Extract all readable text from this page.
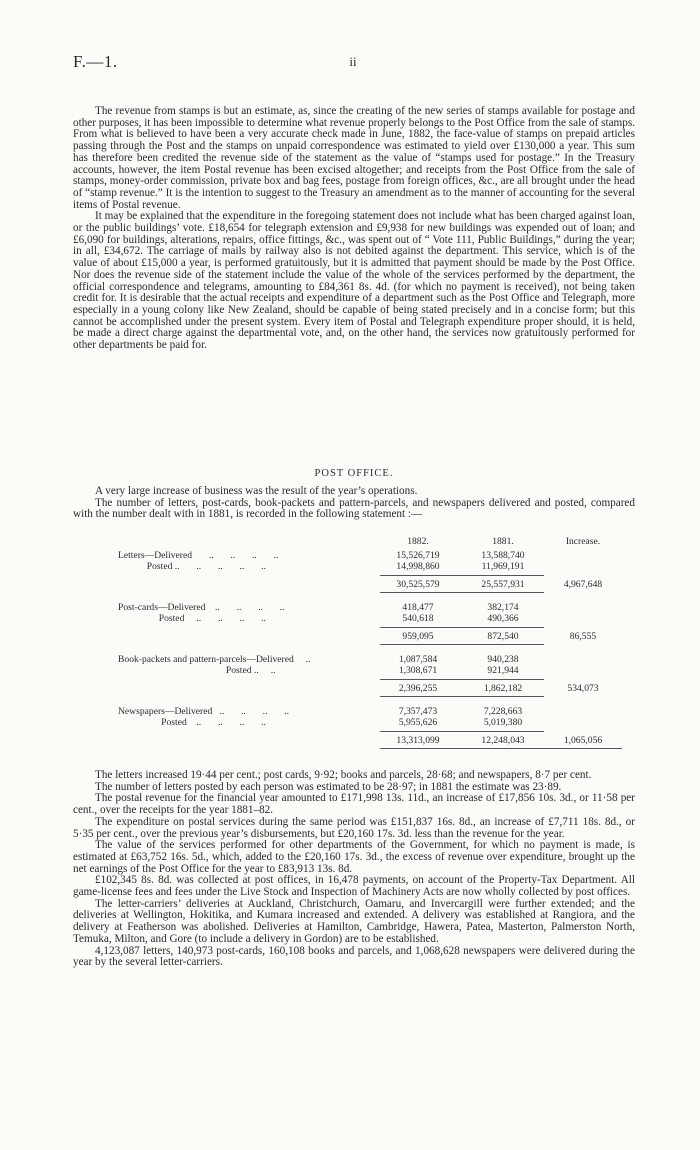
F.—1.	ii

The revenue from stamps is but an estimate, as, since the creating of the new series of stamps available for postage and other purposes, it has been impossible to determine what revenue properly belongs to the Post Office from the sale of stamps. From what is believed to have been a very accurate check made in June, 1882, the face-value of stamps on prepaid articles passing through the Post and the stamps on unpaid correspondence was estimated to yield over £130,000 a year. This sum has therefore been credited the revenue side of the statement as the value of “stamps used for postage.” In the Treasury accounts, however, the item Postal revenue has been excised altogether; and receipts from the Post Office from the sale of stamps, money-order commission, private box and bag fees, postage from foreign offices, &c., are all brought under the head of “stamp revenue.” It is the intention to suggest to the Treasury an amendment as to the manner of accounting for the several items of Postal revenue.

It may be explained that the expenditure in the foregoing statement does not include what has been charged against loan, or the public buildings’ vote. £18,654 for telegraph extension and £9,938 for new buildings was expended out of loan; and £6,090 for buildings, alterations, repairs, office fittings, &c., was spent out of “ Vote 111, Public Buildings,” during the year; in all, £34,672. The carriage of mails by railway also is not debited against the department. This service, which is of the value of about £15,000 a year, is performed gratuitously, but it is admitted that payment should be made by the Post Office. Nor does the revenue side of the statement include the value of the whole of the services performed by the department, the official correspondence and telegrams, amounting to £84,361 8s. 4d. (for which no payment is received), not being taken credit for. It is desirable that the actual receipts and expenditure of a department such as the Post Office and Telegraph, more especially in a young colony like New Zealand, should be capable of being stated precisely and in a concise form; but this cannot be accomplished under the present system. Every item of Postal and Telegraph expenditure proper should, it is held, be made a direct charge against the departmental vote, and, on the other hand, the services now gratuitously performed for other departments be paid for.

POST OFFICE.

A very large increase of business was the result of the year’s operations.

The number of letters, post-cards, book-packets and pattern-parcels, and newspapers delivered and posted, compared with the number dealt with in 1881, is recorded in the following statement :—

1882.	1881.	Increase.
Letters—Delivered       ..       ..       ..       ..	15,526,719	13,588,740
Posted ..       ..       ..       ..       ..	14,998,860	11,969,191
30,525,579	25,557,931	4,967,648
Post-cards—Delivered    ..       ..       ..       ..	418,477	382,174
Posted     ..       ..       ..       ..	540,618	490,366
959,095	872,540	86,555
Book-packets and pattern-parcels—Delivered     ..	1,087,584	940,238
Posted ..     ..	1,308,671	921,944
2,396,255	1,862,182	534,073
Newspapers—Delivered   ..       ..       ..       ..	7,357,473	7,228,663
Posted    ..       ..       ..       ..	5,955,626	5,019,380
13,313,099	12,248,043	1,065,056

The letters increased 19·44 per cent.; post cards, 9·92; books and parcels, 28·68; and newspapers, 8·7 per cent.

The number of letters posted by each person was estimated to be 28·97; in 1881 the estimate was 23·89.

The postal revenue for the financial year amounted to £171,998 13s. 11d., an increase of £17,856 10s. 3d., or 11·58 per cent., over the receipts for the year 1881–82.

The expenditure on postal services during the same period was £151,837 16s. 8d., an increase of £7,711 18s. 8d., or 5·35 per cent., over the previous year’s disbursements, but £20,160 17s. 3d. less than the revenue for the year.

The value of the services performed for other departments of the Government, for which no payment is made, is estimated at £63,752 16s. 5d., which, added to the £20,160 17s. 3d., the excess of revenue over expenditure, brought up the net earnings of the Post Office for the year to £83,913 13s. 8d.

£102,345 8s. 8d. was collected at post offices, in 16,478 payments, on account of the Property-Tax Department. All game-license fees and fees under the Live Stock and Inspection of Machinery Acts are now wholly collected by post offices.

The letter-carriers’ deliveries at Auckland, Christchurch, Oamaru, and Invercargill were further extended; and the deliveries at Wellington, Hokitika, and Kumara increased and extended. A delivery was established at Rangiora, and the delivery at Featherson was abolished. Deliveries at Hamilton, Cambridge, Hawera, Patea, Masterton, Palmerston North, Temuka, Milton, and Gore (to include a delivery in Gordon) are to be established.

4,123,087 letters, 140,973 post-cards, 160,108 books and parcels, and 1,068,628 newspapers were delivered during the year by the several letter-carriers.
